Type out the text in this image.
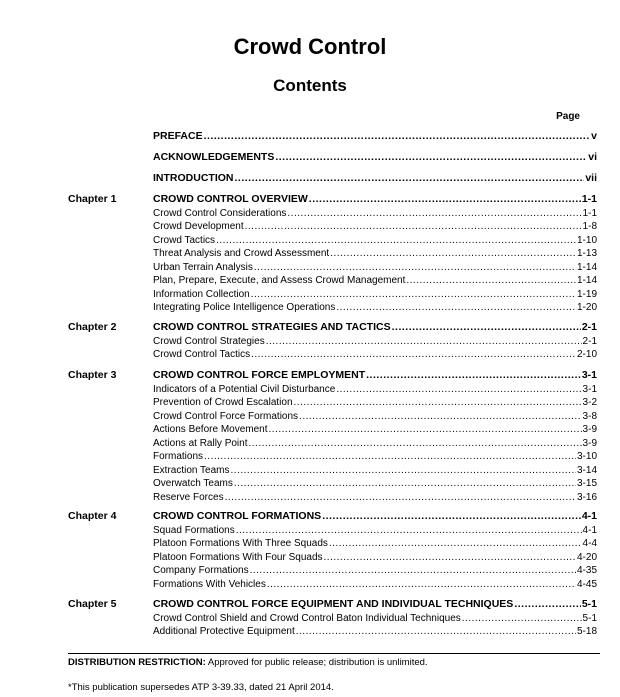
Crowd Control
Contents
Page
PREFACE .....	v
ACKNOWLEDGEMENTS .....	vi
INTRODUCTION .....	vii
Chapter 1	CROWD CONTROL OVERVIEW .....	1-1
Crowd Control Considerations .....	1-1
Crowd Development .....	1-8
Crowd Tactics .....	1-10
Threat Analysis and Crowd Assessment .....	1-13
Urban Terrain Analysis .....	1-14
Plan, Prepare, Execute, and Assess Crowd Management .....	1-14
Information Collection .....	1-19
Integrating Police Intelligence Operations .....	1-20
Chapter 2	CROWD CONTROL STRATEGIES AND TACTICS .....	2-1
Crowd Control Strategies .....	2-1
Crowd Control Tactics .....	2-10
Chapter 3	CROWD CONTROL FORCE EMPLOYMENT .....	3-1
Indicators of a Potential Civil Disturbance .....	3-1
Prevention of Crowd Escalation .....	3-2
Crowd Control Force Formations .....	3-8
Actions Before Movement .....	3-9
Actions at Rally Point .....	3-9
Formations .....	3-10
Extraction Teams .....	3-14
Overwatch Teams .....	3-15
Reserve Forces .....	3-16
Chapter 4	CROWD CONTROL FORMATIONS .....	4-1
Squad Formations .....	4-1
Platoon Formations With Three Squads .....	4-4
Platoon Formations With Four Squads .....	4-20
Company Formations .....	4-35
Formations With Vehicles .....	4-45
Chapter 5	CROWD CONTROL FORCE EQUIPMENT AND INDIVIDUAL TECHNIQUES .....	5-1
Crowd Control Shield and Crowd Control Baton Individual Techniques .....	5-1
Additional Protective Equipment .....	5-18
DISTRIBUTION RESTRICTION: Approved for public release; distribution is unlimited.
*This publication supersedes ATP 3-39.33, dated 21 April 2014.
